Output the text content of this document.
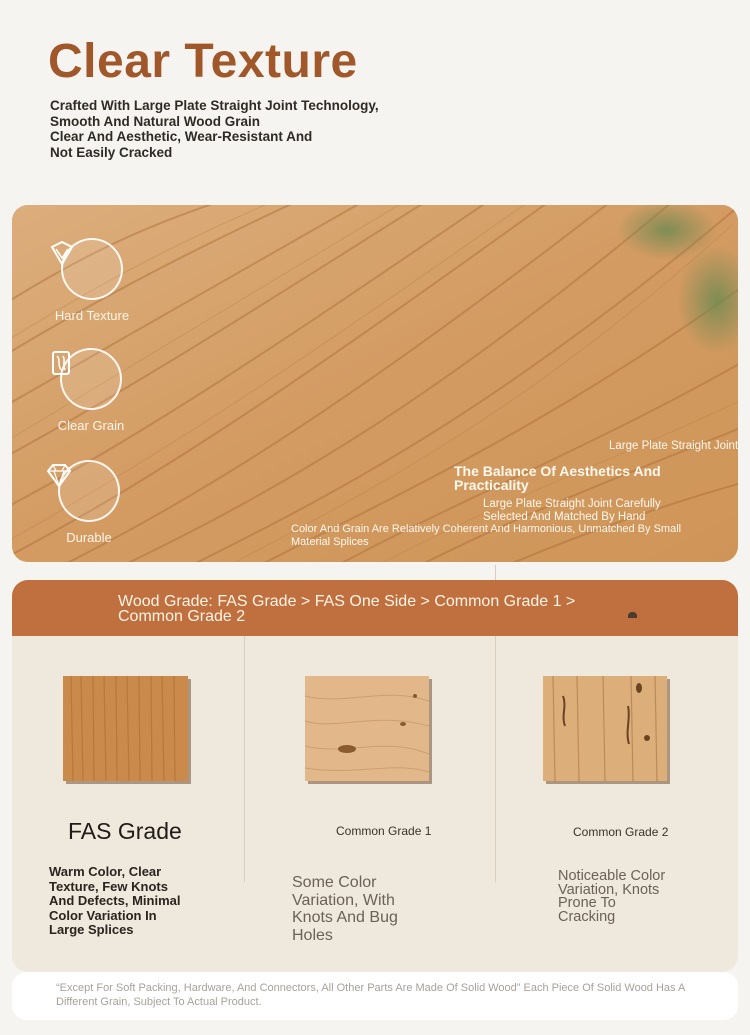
Clear Texture
Crafted With Large Plate Straight Joint Technology,
Smooth And Natural Wood Grain
Clear And Aesthetic, Wear-Resistant And
Not Easily Cracked
Hard Texture
Clear Grain
Durable
Large Plate Straight Joint
The Balance Of Aesthetics And Practicality
Large Plate Straight Joint Carefully Selected And Matched By Hand
Color And Grain Are Relatively Coherent And Harmonious, Unmatched By Small Material Splices
Wood Grade: FAS Grade > FAS One Side > Common Grade 1 > Common Grade 2
FAS Grade	Common Grade 1	Common Grade 2
Warm Color, Clear Texture, Few Knots And Defects, Minimal Color Variation In Large Splices
Some Color Variation, With Knots And Bug Holes
Noticeable Color Variation, Knots Prone To Cracking
“Except For Soft Packing, Hardware, And Connectors, All Other Parts Are Made Of Solid Wood” Each Piece Of Solid Wood Has A Different Grain, Subject To Actual Product.
